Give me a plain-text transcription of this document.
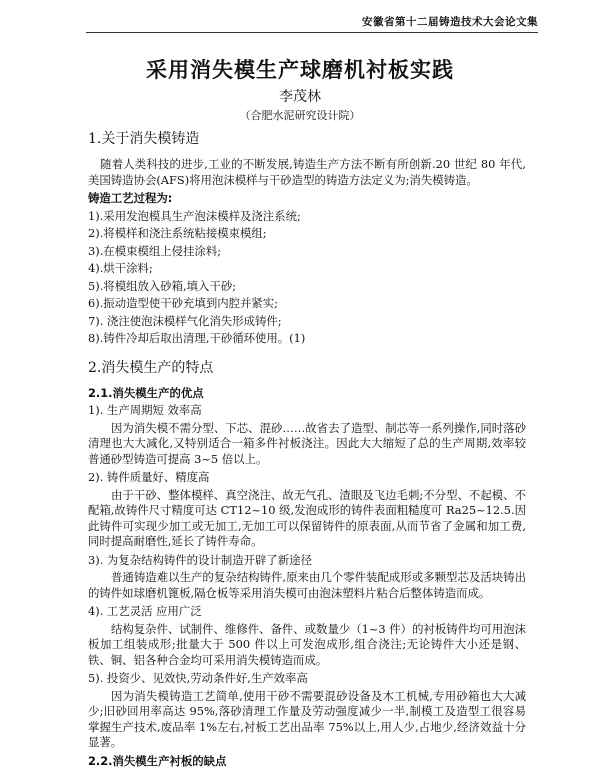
安徽省第十二届铸造技术大会论文集
采用消失模生产球磨机衬板实践
李茂林
（合肥水泥研究设计院）
1.关于消失模铸造

随着人类科技的进步,工业的不断发展,铸造生产方法不断有所创新.20 世纪 80 年代,美国铸造协会(AFS)将用泡沫模样与干砂造型的铸造方法定义为;消失模铸造。

铸造工艺过程为:
1).采用发泡模具生产泡沫模样及浇注系统;
2).将模样和浇注系统粘接模束模组;
3).在模束模组上侵挂涂料;
4).烘干涂料;
5).将模组放入砂箱,填入干砂;
6).振动造型使干砂充填到内腔并紧实;
7). 浇注使泡沫模样气化消失形成铸件;
8).铸件冷却后取出清理,干砂循环使用。(1)
2.消失模生产的特点
2.1.消失模生产的优点
1). 生产周期短 效率高

因为消失模不需分型、下芯、混砂……故省去了造型、制芯等一系列操作,同时落砂清理也大大减化,又特别适合一箱多件衬板浇注。因此大大缩短了总的生产周期,效率较普通砂型铸造可提高 3~5 倍以上。

2). 铸件质量好、精度高

由于干砂、整体模样、真空浇注、故无气孔、渣眼及飞边毛刺;不分型、不起模、不配箱,故铸件尺寸精度可达 CT12~10 级,发泡成形的铸件表面粗糙度可 Ra25~12.5.因此铸件可实现少加工或无加工,无加工可以保留铸件的原表面,从而节省了金属和加工费,同时提高耐磨性,延长了铸件寿命。

3). 为复杂结构铸件的设计制造开辟了新途径

普通铸造难以生产的复杂结构铸件,原来由几个零件装配成形或多颗型芯及活块铸出的铸件如球磨机篦板,隔仓板等采用消失模可由泡沫塑料片粘合后整体铸造而成。

4). 工艺灵活 应用广泛

结构复杂件、试制件、维修件、备件、或数量少（1~3 件）的衬板铸件均可用泡沫板加工组装成形;批量大于 500 件以上可发泡成形,组合浇注;无论铸件大小还是钢、铁、铜、铝各种合金均可采用消失模铸造而成。

5). 投资少、见效快,劳动条件好,生产效率高

因为消失模铸造工艺简单,使用干砂不需要混砂设备及木工机械,专用砂箱也大大减少;旧砂回用率高达 95%,落砂清理工作量及劳动强度减少一半,制模工及造型工很容易掌握生产技术,废品率 1%左右,衬板工艺出品率 75%以上,用人少,占地少,经济效益十分显著。

2.2.消失模生产衬板的缺点
